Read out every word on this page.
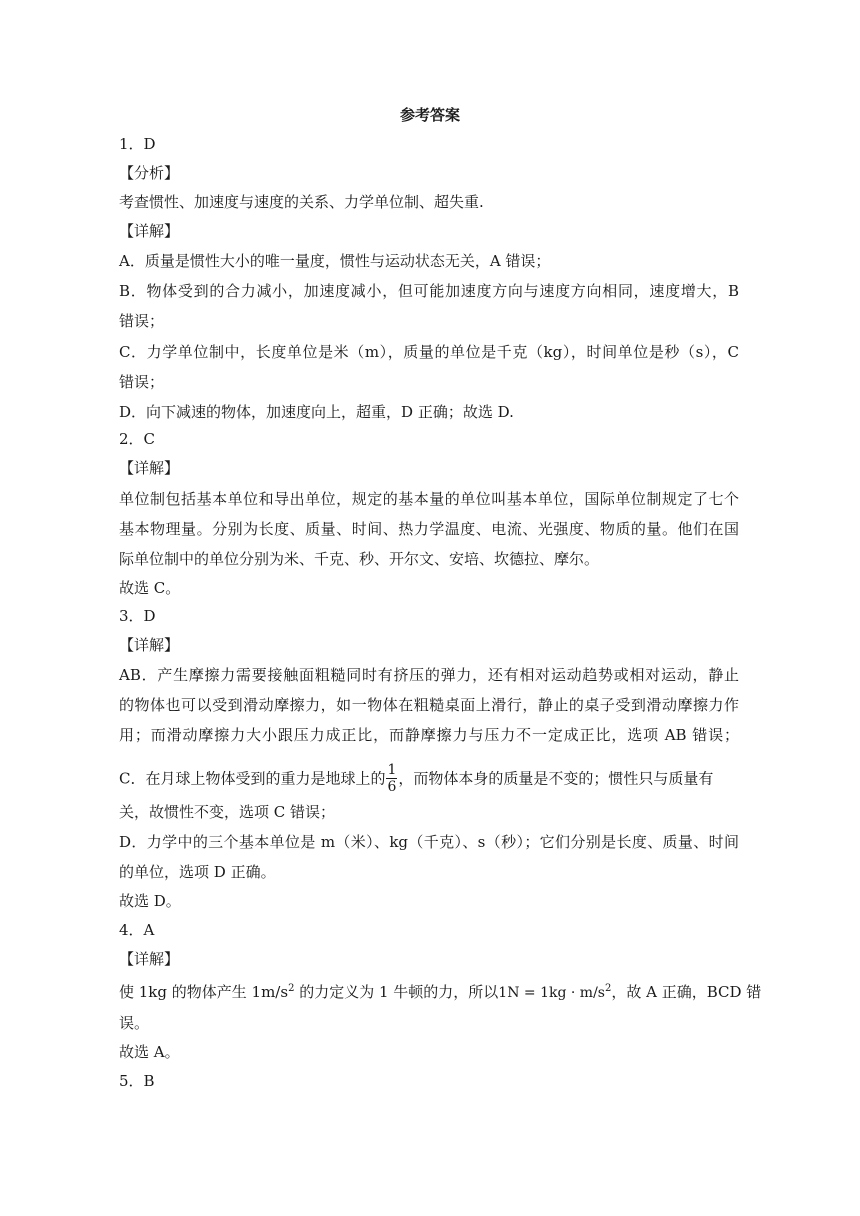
参考答案
1．D
【分析】
考查惯性、加速度与速度的关系、力学单位制、超失重.
【详解】
A．质量是惯性大小的唯一量度，惯性与运动状态无关，A 错误；
B．物体受到的合力减小，加速度减小，但可能加速度方向与速度方向相同，速度增大，B
错误；
C．力学单位制中，长度单位是米（m），质量的单位是千克（kg），时间单位是秒（s），C
错误；
D．向下减速的物体，加速度向上，超重，D 正确；故选 D.
2．C
【详解】
单位制包括基本单位和导出单位，规定的基本量的单位叫基本单位，国际单位制规定了七个
基本物理量。分别为长度、质量、时间、热力学温度、电流、光强度、物质的量。他们在国
际单位制中的单位分别为米、千克、秒、开尔文、安培、坎德拉、摩尔。
故选 C。
3．D
【详解】
AB．产生摩擦力需要接触面粗糙同时有挤压的弹力，还有相对运动趋势或相对运动，静止
的物体也可以受到滑动摩擦力，如一物体在粗糙桌面上滑行，静止的桌子受到滑动摩擦力作
用；而滑动摩擦力大小跟压力成正比，而静摩擦力与压力不一定成正比，选项 AB 错误；
C．在月球上物体受到的重力是地球上的 $\frac{1}{6}$ ，而物体本身的质量是不变的；惯性只与质量有
关，故惯性不变，选项 C 错误；
D．力学中的三个基本单位是 m（米）、kg（千克）、s（秒）；它们分别是长度、质量、时间
的单位，选项 D 正确。
故选 D。
4．A
【详解】
使 1kg 的物体产生 $1m/s^2$ 的力定义为 1 牛顿的力，所以$1N = 1kg \cdot m/s^2$，故 A 正确，BCD 错
误。
故选 A。
5．B
